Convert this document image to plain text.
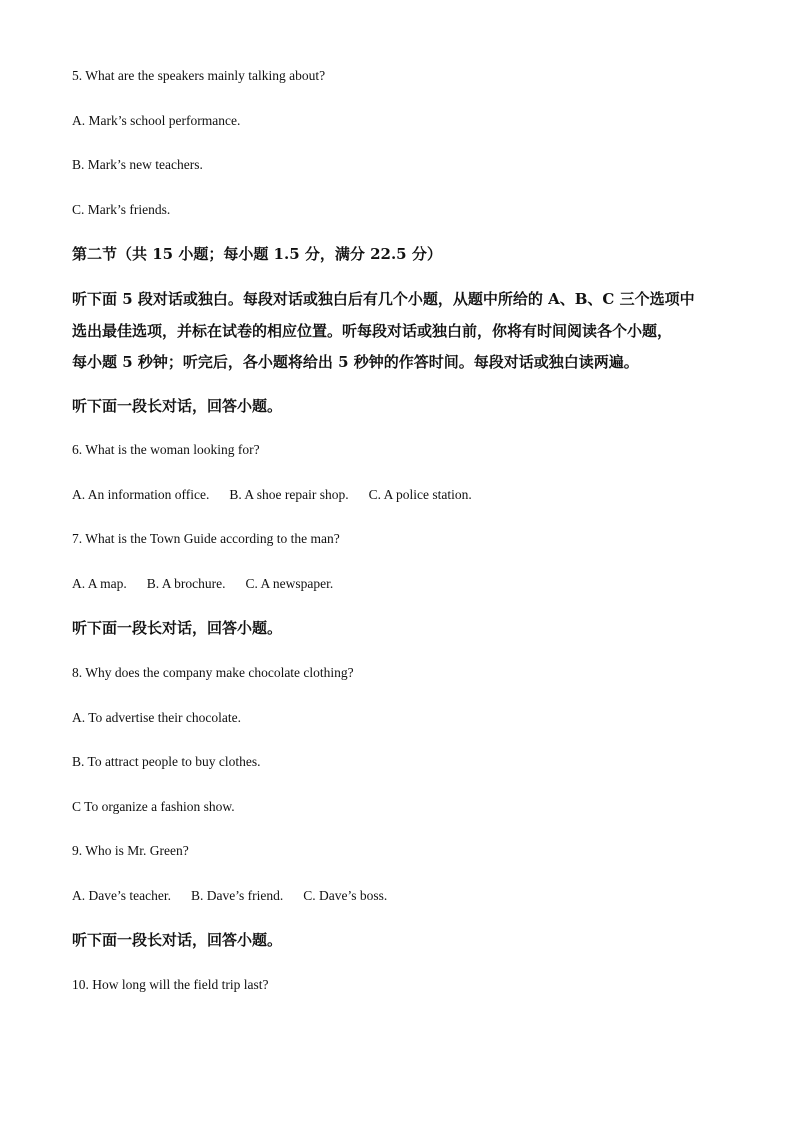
5. What are the speakers mainly talking about?
A. Mark’s school performance.
B. Mark’s new teachers.
C. Mark’s friends.
第二节（共 15 小题；每小题 1.5 分，满分 22.5 分）
听下面 5 段对话或独白。每段对话或独白后有几个小题，从题中所给的 A、B、C 三个选项中
选出最佳选项，并标在试卷的相应位置。听每段对话或独白前，你将有时间阅读各个小题，
每小题 5 秒钟；听完后，各小题将给出 5 秒钟的作答时间。每段对话或独白读两遍。
听下面一段长对话，回答小题。
6. What is the woman looking for?
A. An information office. B. A shoe repair shop. C. A police station.
7. What is the Town Guide according to the man?
A. A map. B. A brochure. C. A newspaper.
听下面一段长对话，回答小题。
8. Why does the company make chocolate clothing?
A. To advertise their chocolate.
B. To attract people to buy clothes.
C To organize a fashion show.
9. Who is Mr. Green?
A. Dave’s teacher. B. Dave’s friend. C. Dave’s boss.
听下面一段长对话，回答小题。
10. How long will the field trip last?
